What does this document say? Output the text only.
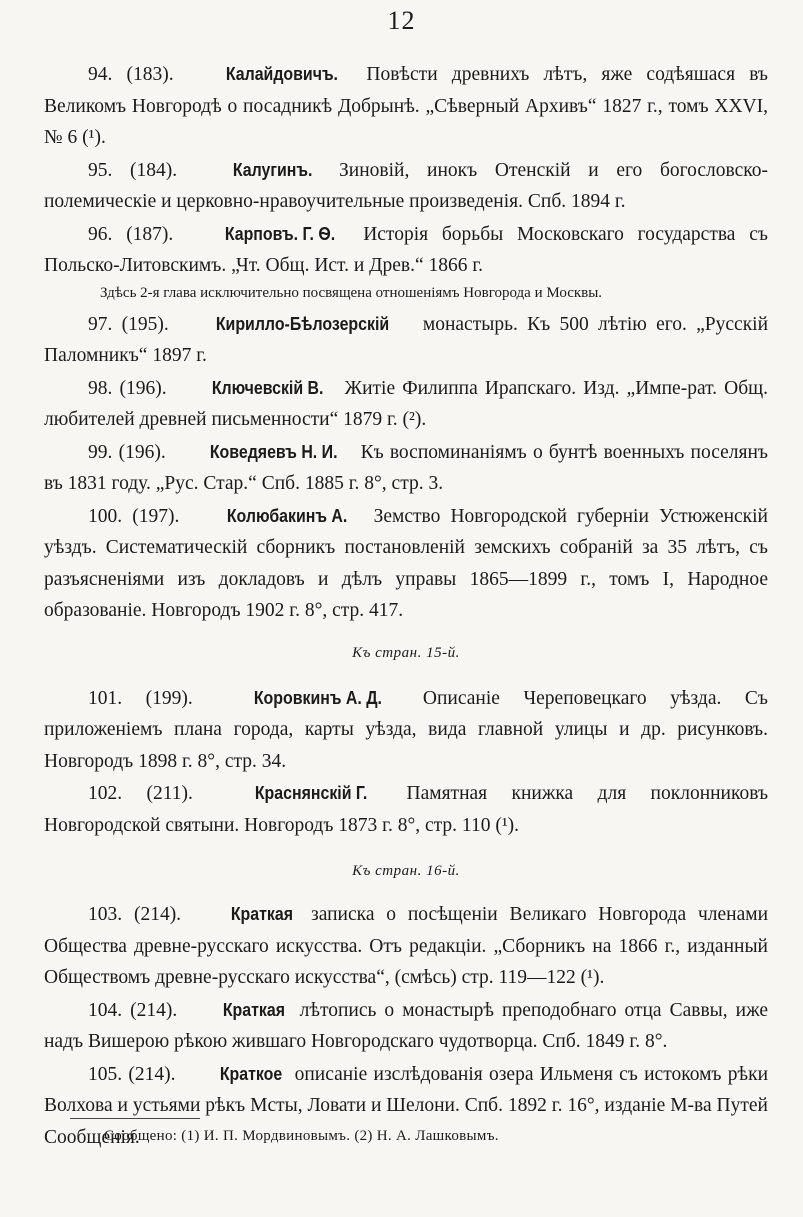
12

94. (183).	Калайдовичъ. Повѣсти древнихъ лѣтъ, яже содѣяшася въ Великомъ Новгородѣ о посадникѣ Добрынѣ. „Сѣверный Архивъ“ 1827 г., томъ XXVI, № 6 (¹).

95. (184).	Калугинъ. Зиновій, инокъ Отенскій и его богословско-полемическіе и церковно-нравоучительные произведенія. Спб. 1894 г.

96. (187).	Карповъ. Г. Ѳ. Исторія борьбы Московскаго государства съ Польско-Литовскимъ. „Чт. Общ. Ист. и Древ.“ 1866 г.

Здѣсь 2-я глава исключительно посвящена отношеніямъ Новгорода и Москвы.

97. (195).	Кирилло-Бѣлозерскій монастырь. Къ 500 лѣтію его. „Русскій Паломникъ“ 1897 г.

98. (196). Ключевскій В. Житіе Филиппа Ирапскаго. Изд. „Импе-рат. Общ. любителей древней письменности“ 1879 г. (²).

99. (196). Коведяевъ Н. И. Къ воспоминаніямъ о бунтѣ военныхъ поселянъ въ 1831 году. „Рус. Стар.“ Спб. 1885 г. 8°, стр. 3.

100. (197).	Колюбакинъ А. Земство Новгородской губерніи Устюженскій уѣздъ. Систематическій сборникъ постановленій земскихъ собраній за 35 лѣтъ, съ разъясненіями изъ докладовъ и дѣлъ управы 1865—1899 г., томъ I, Народное образованіе. Новгородъ 1902 г. 8°, стр. 417.

Къ стран. 15-й.

101. (199).	Коровкинъ А. Д. Описаніе Череповецкаго уѣзда. Съ приложеніемъ плана города, карты уѣзда, вида главной улицы и др. рисунковъ. Новгородъ 1898 г. 8°, стр. 34.

102. (211).	Краснянскій Г. Памятная книжка для поклонниковъ Новгородской святыни. Новгородъ 1873 г. 8°, стр. 110 (¹).

Къ стран. 16-й.

103. (214).	Краткая записка о посѣщеніи Великаго Новгорода членами Общества древне-русскаго искусства. Отъ редакціи. „Сборникъ на 1866 г., изданный Обществомъ древне-русскаго искусства“, (смѣсь) стр. 119—122 (¹).

104. (214). Краткая лѣтопись о монастырѣ преподобнаго отца Саввы, иже надъ Вишерою рѣкою жившаго Новгородскаго чудотворца. Спб. 1849 г. 8°.

105. (214). Краткое описаніе изслѣдованія озера Ильменя съ истокомъ рѣки Волхова и устьями рѣкъ Мсты, Ловати и Шелони. Спб. 1892 г. 16°, изданіе М-ва Путей Сообщенія.

Сообщено: (1) И. П. Мордвиновымъ. (2) Н. А. Лашковымъ.
